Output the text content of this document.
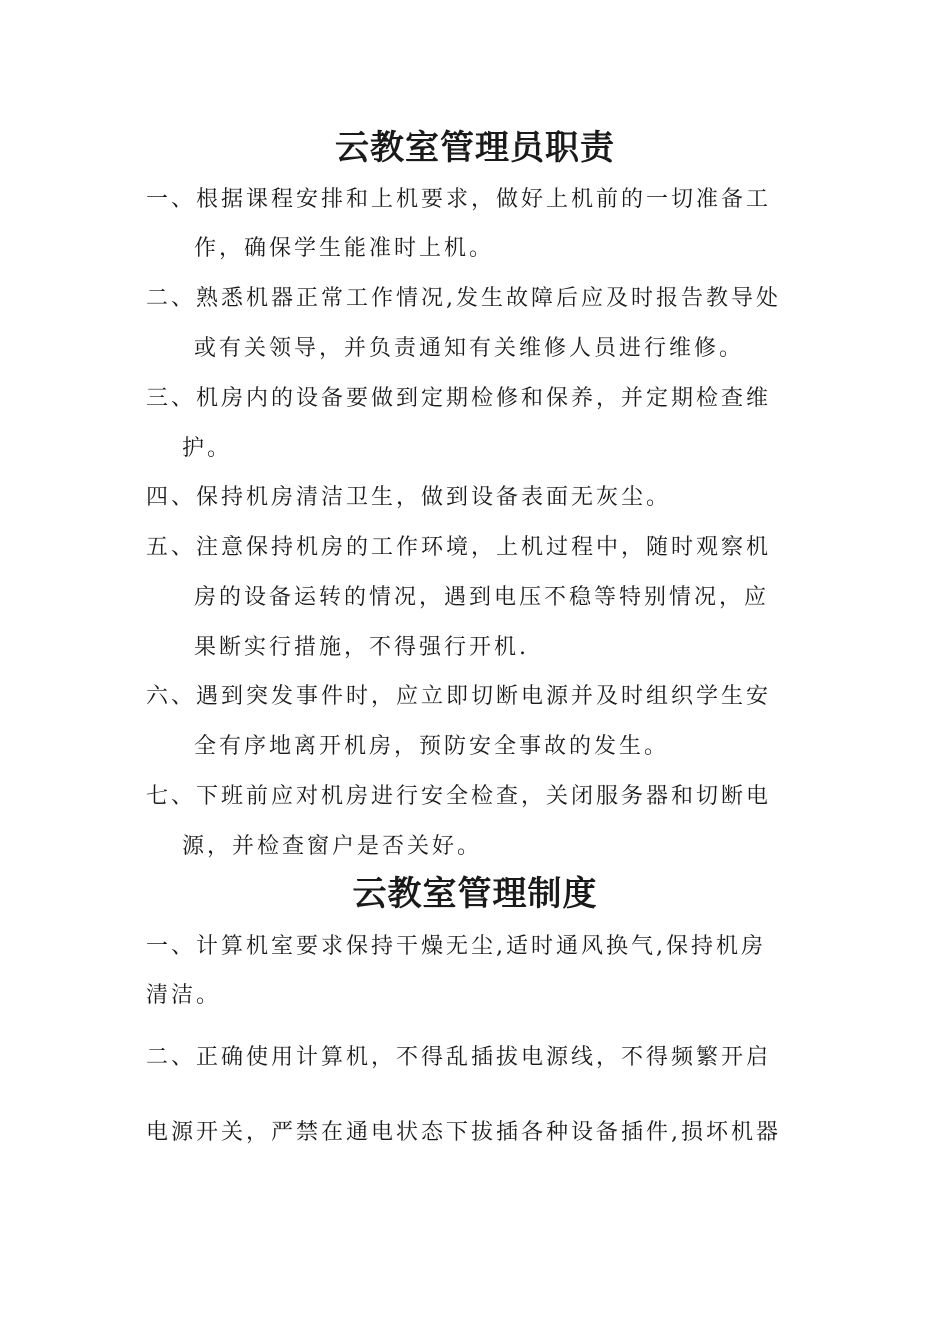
云教室管理员职责
一、根据课程安排和上机要求，做好上机前的一切准备工
作，确保学生能准时上机。
二、熟悉机器正常工作情况,发生故障后应及时报告教导处
或有关领导，并负责通知有关维修人员进行维修。
三、机房内的设备要做到定期检修和保养，并定期检查维
护。
四、保持机房清洁卫生，做到设备表面无灰尘。
五、注意保持机房的工作环境，上机过程中，随时观察机
房的设备运转的情况，遇到电压不稳等特别情况，应
果断实行措施，不得强行开机.
六、遇到突发事件时，应立即切断电源并及时组织学生安
全有序地离开机房，预防安全事故的发生。
七、下班前应对机房进行安全检查，关闭服务器和切断电
源，并检查窗户是否关好。
云教室管理制度
一、计算机室要求保持干燥无尘,适时通风换气,保持机房
清洁。
二、正确使用计算机，不得乱插拔电源线，不得频繁开启
电源开关，严禁在通电状态下拔插各种设备插件,损坏机器
